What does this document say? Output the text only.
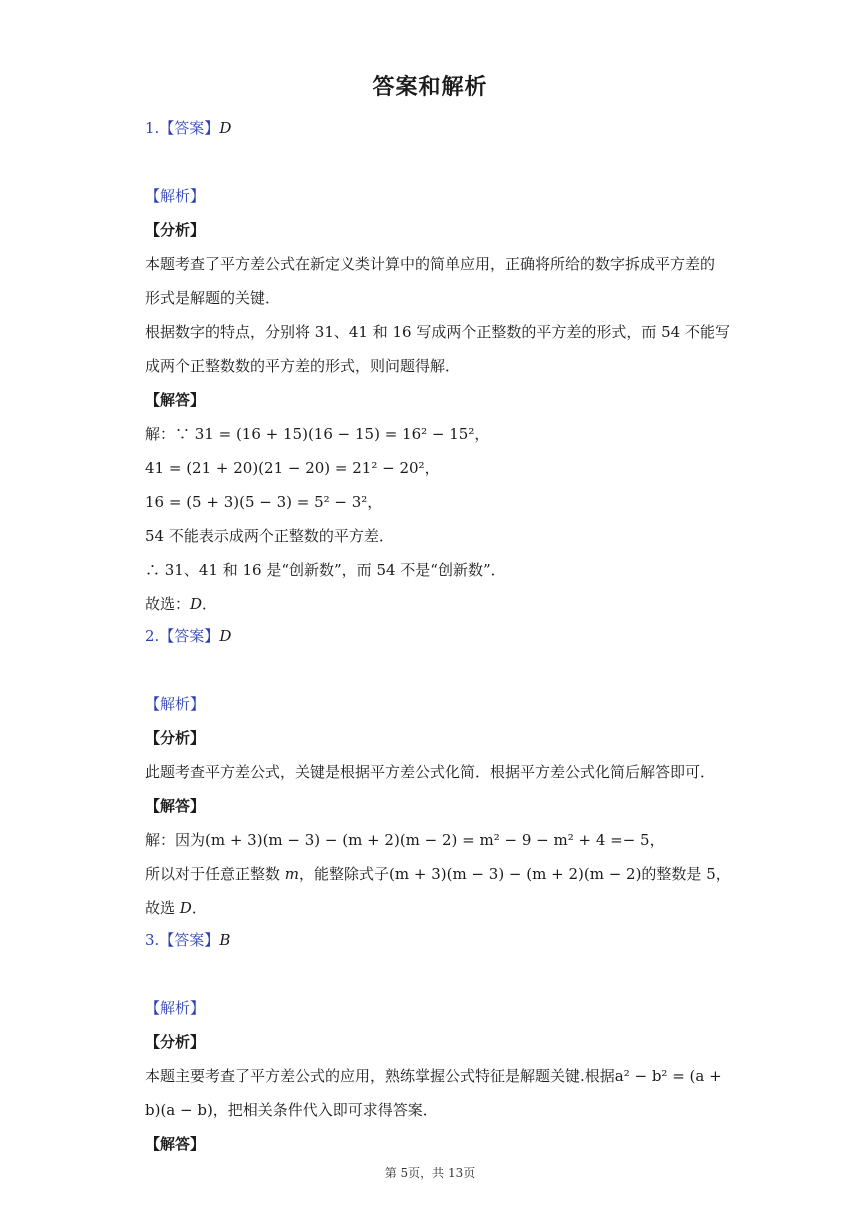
答案和解析
1.【答案】D
【解析】
【分析】
本题考查了平方差公式在新定义类计算中的简单应用，正确将所给的数字拆成平方差的
形式是解题的关键．
根据数字的特点，分别将 31、41 和 16 写成两个正整数的平方差的形式，而 54 不能写
成两个正整数数的平方差的形式，则问题得解．
【解答】
解：∵ 31 = (16 + 15)(16 − 15) = 16² − 15²，
41 = (21 + 20)(21 − 20) = 21² − 20²，
16 = (5 + 3)(5 − 3) = 5² − 3²，
54 不能表示成两个正整数的平方差．
∴ 31、41 和 16 是“创新数”，而 54 不是“创新数”．
故选：D．
2.【答案】D
【解析】
【分析】
此题考查平方差公式，关键是根据平方差公式化简．根据平方差公式化简后解答即可．
【解答】
解：因为(m + 3)(m − 3) − (m + 2)(m − 2) = m² − 9 − m² + 4 =− 5，
所以对于任意正整数 m，能整除式子(m + 3)(m − 3) − (m + 2)(m − 2)的整数是 5，
故选 D．
3.【答案】B
【解析】
【分析】
本题主要考查了平方差公式的应用，熟练掌握公式特征是解题关键.根据a² − b² = (a +
b)(a − b)，把相关条件代入即可求得答案．
【解答】
第 5页，共 13页
